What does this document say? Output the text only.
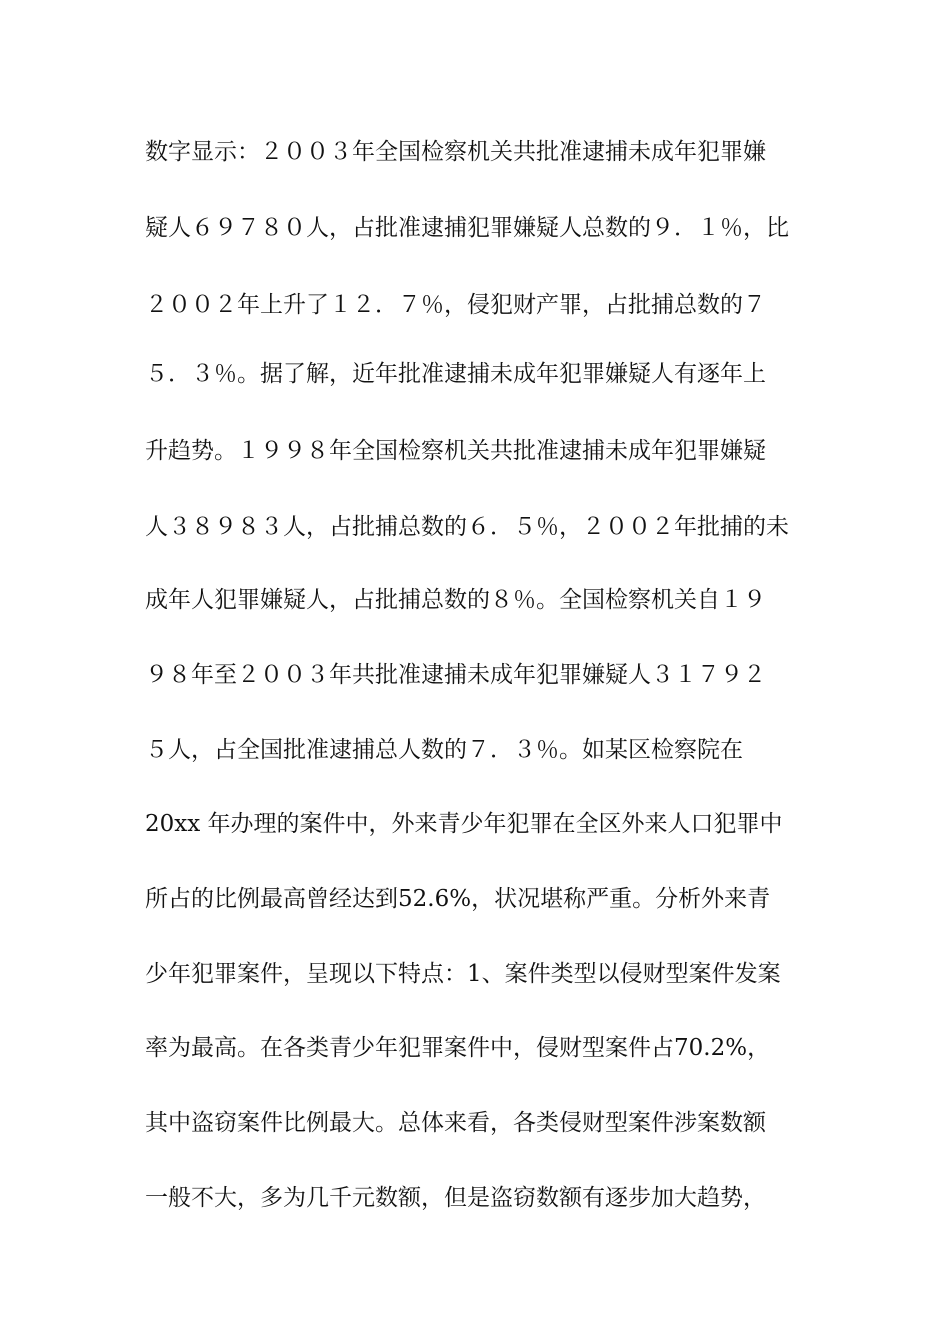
数字显示：２００３年全国检察机关共批准逮捕未成年犯罪嫌
疑人６９７８０人，占批准逮捕犯罪嫌疑人总数的９．１％，比
２００２年上升了１２．７％，侵犯财产罪，占批捕总数的７
５．３％。据了解，近年批准逮捕未成年犯罪嫌疑人有逐年上
升趋势。１９９８年全国检察机关共批准逮捕未成年犯罪嫌疑
人３８９８３人，占批捕总数的６．５％，２００２年批捕的未
成年人犯罪嫌疑人，占批捕总数的８％。全国检察机关自１９
９８年至２００３年共批准逮捕未成年犯罪嫌疑人３１７９２
５人，占全国批准逮捕总人数的７．３％。如某区检察院在
20xx 年办理的案件中，外来青少年犯罪在全区外来人口犯罪中
所占的比例最高曾经达到52.6%，状况堪称严重。分析外来青
少年犯罪案件，呈现以下特点：1、案件类型以侵财型案件发案
率为最高。在各类青少年犯罪案件中，侵财型案件占70.2%，
其中盗窃案件比例最大。总体来看，各类侵财型案件涉案数额
一般不大，多为几千元数额，但是盗窃数额有逐步加大趋势，
